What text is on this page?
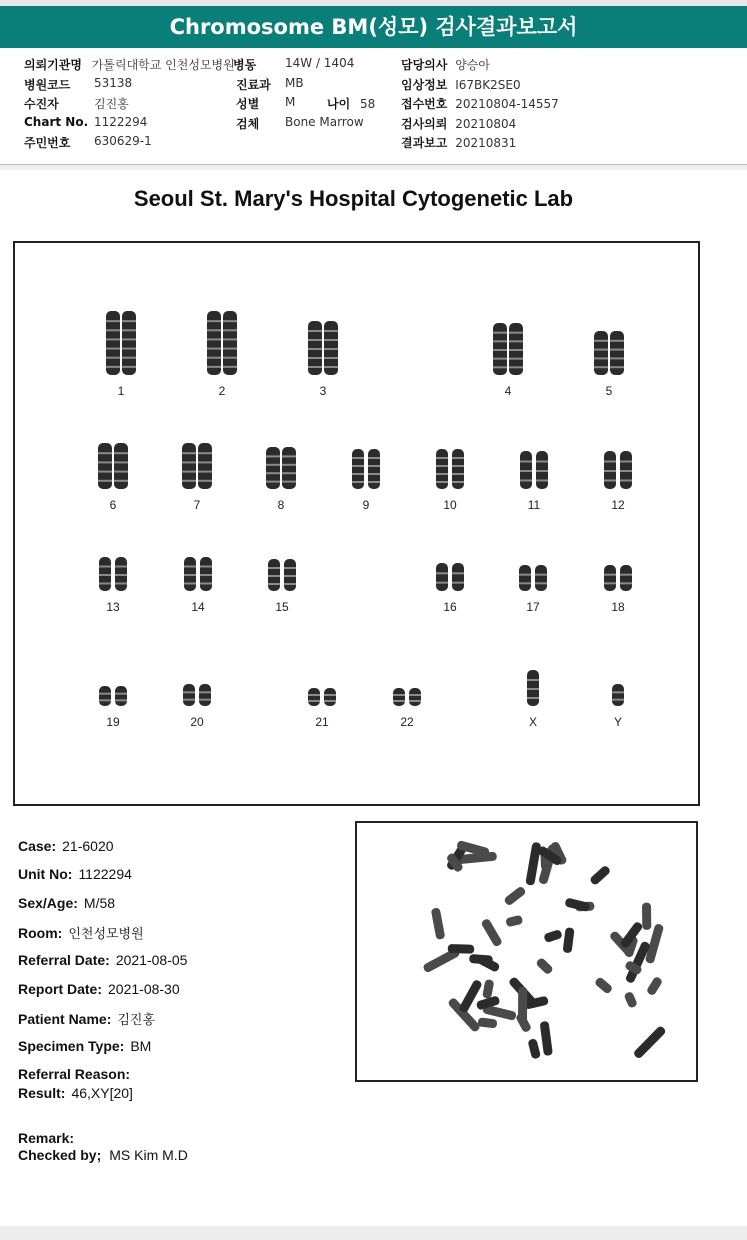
Chromosome BM(성모) 검사결과보고서
의뢰기관명 가톨릭대학교 인천성모병원
병동 14W / 1404	담당의사 양승아
병원코드 53138	진료과 MB	임상정보 I67BK2SE0
수진자	김진홍	성별 M	나이 58 접수번호 20210804-14557
Chart No. 1122294	검체 Bone Marrow	검사의뢰 20210804
주민번호 630629-1	결과보고 20210831
Seoul St. Mary's Hospital Cytogenetic Lab
1	2	3	4	5
6	7	8	9	10	11	12
13	14	15	16	17	18
19	20	21	22	X	Y
Case: 21-6020
Unit No: 1122294
Sex/Age: M/58
Room: 인천성모병원
Referral Date: 2021-08-05
Report Date: 2021-08-30
Patient Name: 김진홍
Specimen Type: BM
Referral Reason:
Result: 46,XY[20]
Remark:
Checked by; MS Kim M.D
